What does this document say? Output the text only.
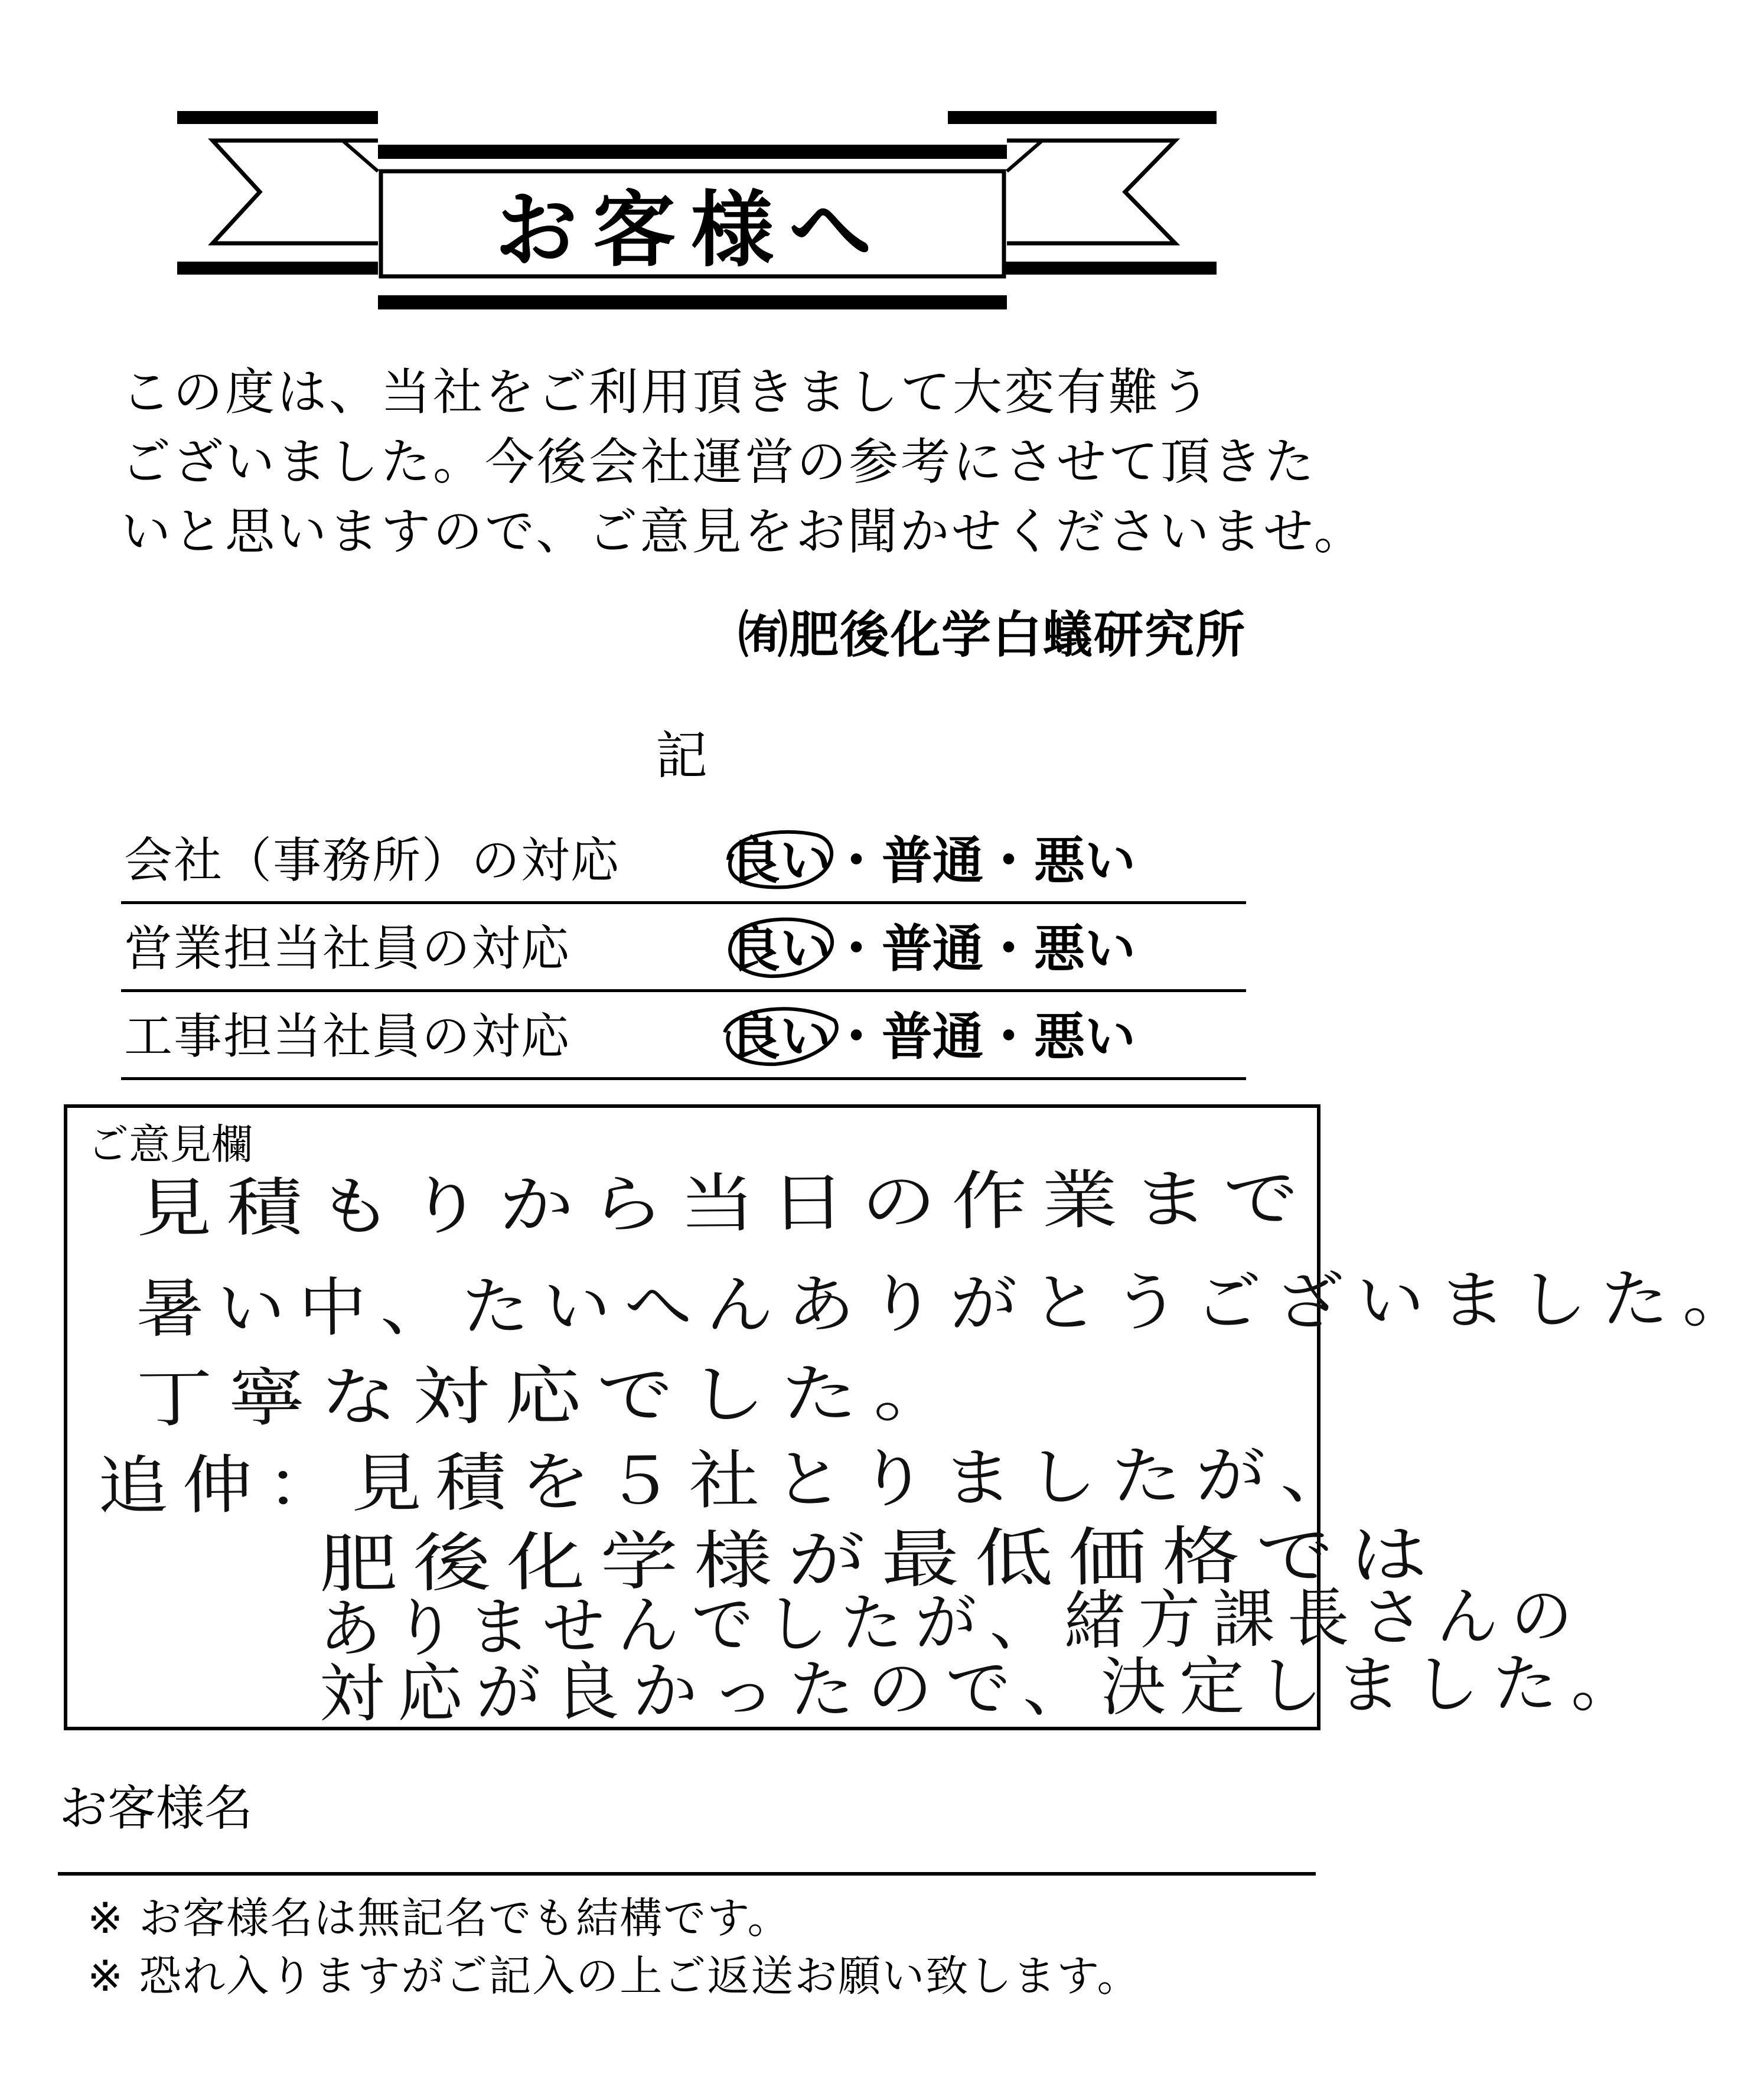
お客様へ
この度は、当社をご利用頂きまして大変有難う
ございました。今後会社運営の参考にさせて頂きた
いと思いますので、ご意見をお聞かせくださいませ。
㈲肥後化学白蟻研究所
記
会社（事務所）の対応 良い
・普通・悪い
営業担当社員の対応	良い
・普通・悪い
工事担当社員の対応	良い
・普通・悪い
ご意見欄
見積もりから当日の作業まで
暑い中、たいへんありがとうございました。
丁寧な対応でした。
追伸：見積を５社とりましたが、
肥後化学様が最低価格では
ありませんでしたが、緒方課長さんの
対応が良かったので、決定しました。
お客様名
※ お客様名は無記名でも結構です。
※ 恐れ入りますがご記入の上ご返送お願い致します。
